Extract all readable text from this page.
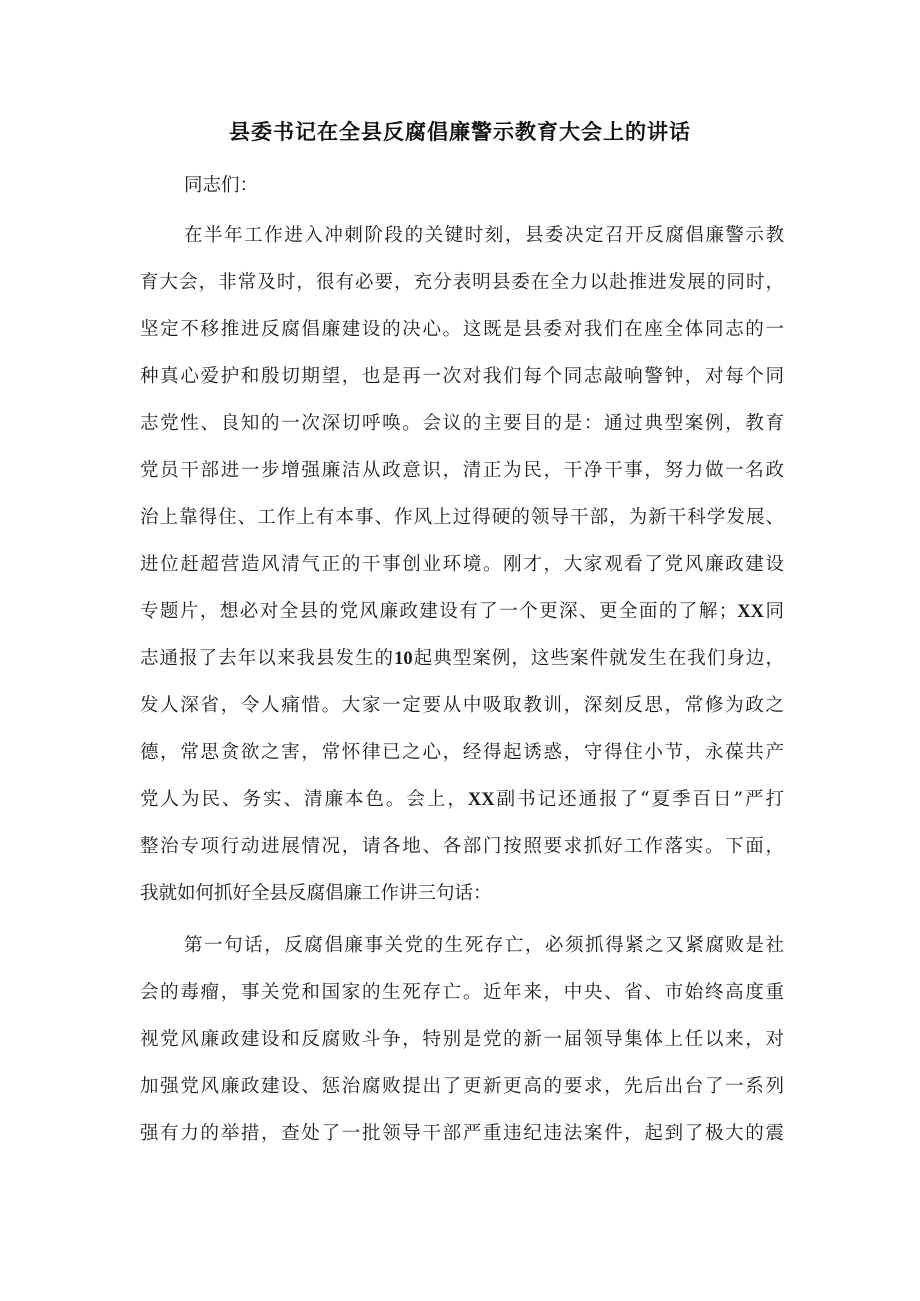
县委书记在全县反腐倡廉警示教育大会上的讲话
同志们：
在半年工作进入冲刺阶段的关键时刻，县委决定召开反腐倡廉警示教
育大会，非常及时，很有必要，充分表明县委在全力以赴推进发展的同时，
坚定不移推进反腐倡廉建设的决心。这既是县委对我们在座全体同志的一
种真心爱护和殷切期望，也是再一次对我们每个同志敲响警钟，对每个同
志党性、良知的一次深切呼唤。会议的主要目的是：通过典型案例，教育
党员干部进一步增强廉洁从政意识，清正为民，干净干事，努力做一名政
治上靠得住、工作上有本事、作风上过得硬的领导干部，为新干科学发展、
进位赶超营造风清气正的干事创业环境。刚才，大家观看了党风廉政建设
专题片，想必对全县的党风廉政建设有了一个更深、更全面的了解；XX同
志通报了去年以来我县发生的10起典型案例，这些案件就发生在我们身边，
发人深省，令人痛惜。大家一定要从中吸取教训，深刻反思，常修为政之
德，常思贪欲之害，常怀律已之心，经得起诱惑，守得住小节，永葆共产
党人为民、务实、清廉本色。会上，XX副书记还通报了“夏季百日”严打
整治专项行动进展情况，请各地、各部门按照要求抓好工作落实。下面，
我就如何抓好全县反腐倡廉工作讲三句话：
第一句话，反腐倡廉事关党的生死存亡，必须抓得紧之又紧腐败是社
会的毒瘤，事关党和国家的生死存亡。近年来，中央、省、市始终高度重
视党风廉政建设和反腐败斗争，特别是党的新一届领导集体上任以来，对
加强党风廉政建设、惩治腐败提出了更新更高的要求，先后出台了一系列
强有力的举措，查处了一批领导干部严重违纪违法案件，起到了极大的震
